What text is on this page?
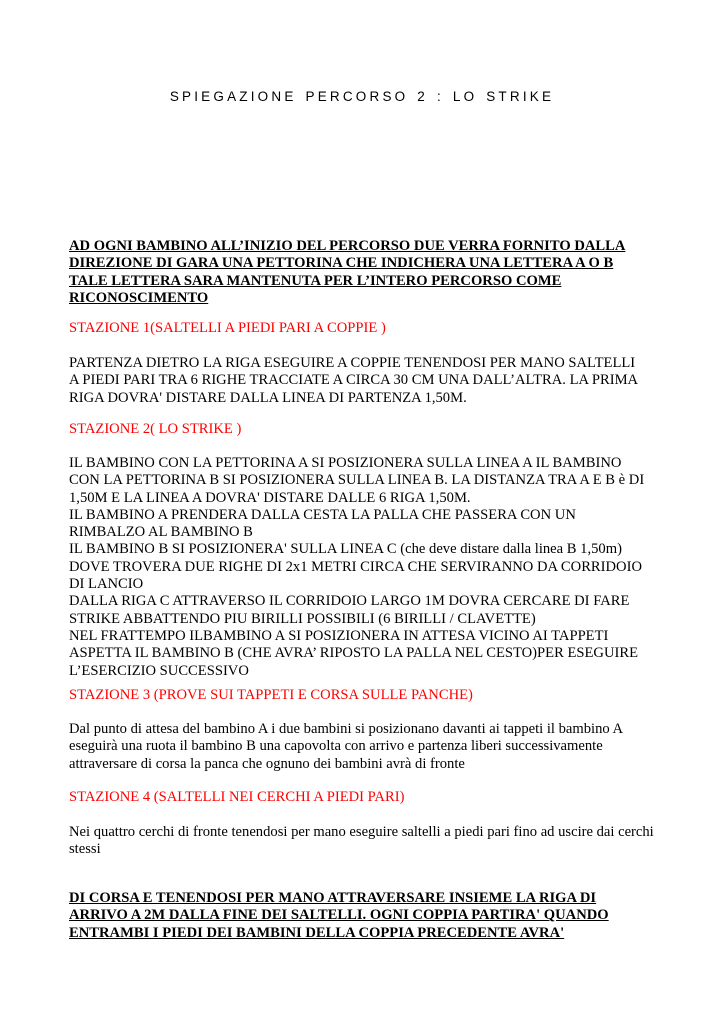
SPIEGAZIONE PERCORSO 2 : LO STRIKE

AD OGNI BAMBINO ALL’INIZIO DEL PERCORSO DUE VERRA FORNITO DALLA
DIREZIONE DI GARA UNA PETTORINA CHE INDICHERA UNA LETTERA A O B
TALE LETTERA SARA MANTENUTA PER L’INTERO PERCORSO COME
RICONOSCIMENTO

STAZIONE 1(SALTELLI A PIEDI PARI A COPPIE )

PARTENZA DIETRO LA RIGA ESEGUIRE A COPPIE TENENDOSI PER MANO SALTELLI
A PIEDI PARI TRA 6 RIGHE TRACCIATE A CIRCA 30 CM UNA DALL’ALTRA. LA PRIMA
RIGA DOVRA' DISTARE DALLA LINEA DI PARTENZA 1,50M.

STAZIONE 2( LO STRIKE )

IL BAMBINO CON LA PETTORINA A SI POSIZIONERA SULLA LINEA A IL BAMBINO
CON LA PETTORINA B SI POSIZIONERA SULLA LINEA B. LA DISTANZA TRA A E B è DI
1,50M E LA LINEA A DOVRA' DISTARE DALLE 6 RIGA 1,50M.
IL BAMBINO A PRENDERA DALLA CESTA LA PALLA CHE PASSERA CON UN
RIMBALZO AL BAMBINO B
IL BAMBINO B SI POSIZIONERA' SULLA LINEA C (che deve distare dalla linea B 1,50m)
DOVE TROVERA DUE RIGHE DI 2x1 METRI CIRCA CHE SERVIRANNO DA CORRIDOIO
DI LANCIO
DALLA RIGA C ATTRAVERSO IL CORRIDOIO LARGO 1M DOVRA CERCARE DI FARE
STRIKE ABBATTENDO PIU BIRILLI POSSIBILI (6 BIRILLI / CLAVETTE)
NEL FRATTEMPO ILBAMBINO A SI POSIZIONERA IN ATTESA VICINO AI TAPPETI
ASPETTA IL BAMBINO B (CHE AVRA’ RIPOSTO LA PALLA NEL CESTO)PER ESEGUIRE
L’ESERCIZIO SUCCESSIVO

STAZIONE 3 (PROVE SUI TAPPETI E CORSA SULLE PANCHE)

Dal punto di attesa del bambino A i due bambini si posizionano davanti ai tappeti il bambino A
eseguirà una ruota il bambino B una capovolta con arrivo e partenza liberi successivamente
attraversare di corsa la panca che ognuno dei bambini avrà di fronte

STAZIONE 4 (SALTELLI NEI CERCHI A PIEDI PARI)

Nei quattro cerchi di fronte tenendosi per mano eseguire saltelli a piedi pari fino ad uscire dai cerchi
stessi

DI CORSA E TENENDOSI PER MANO ATTRAVERSARE INSIEME LA RIGA DI
ARRIVO A 2M DALLA FINE DEI SALTELLI. OGNI COPPIA PARTIRA' QUANDO
ENTRAMBI I PIEDI DEI BAMBINI DELLA COPPIA PRECEDENTE AVRA'
